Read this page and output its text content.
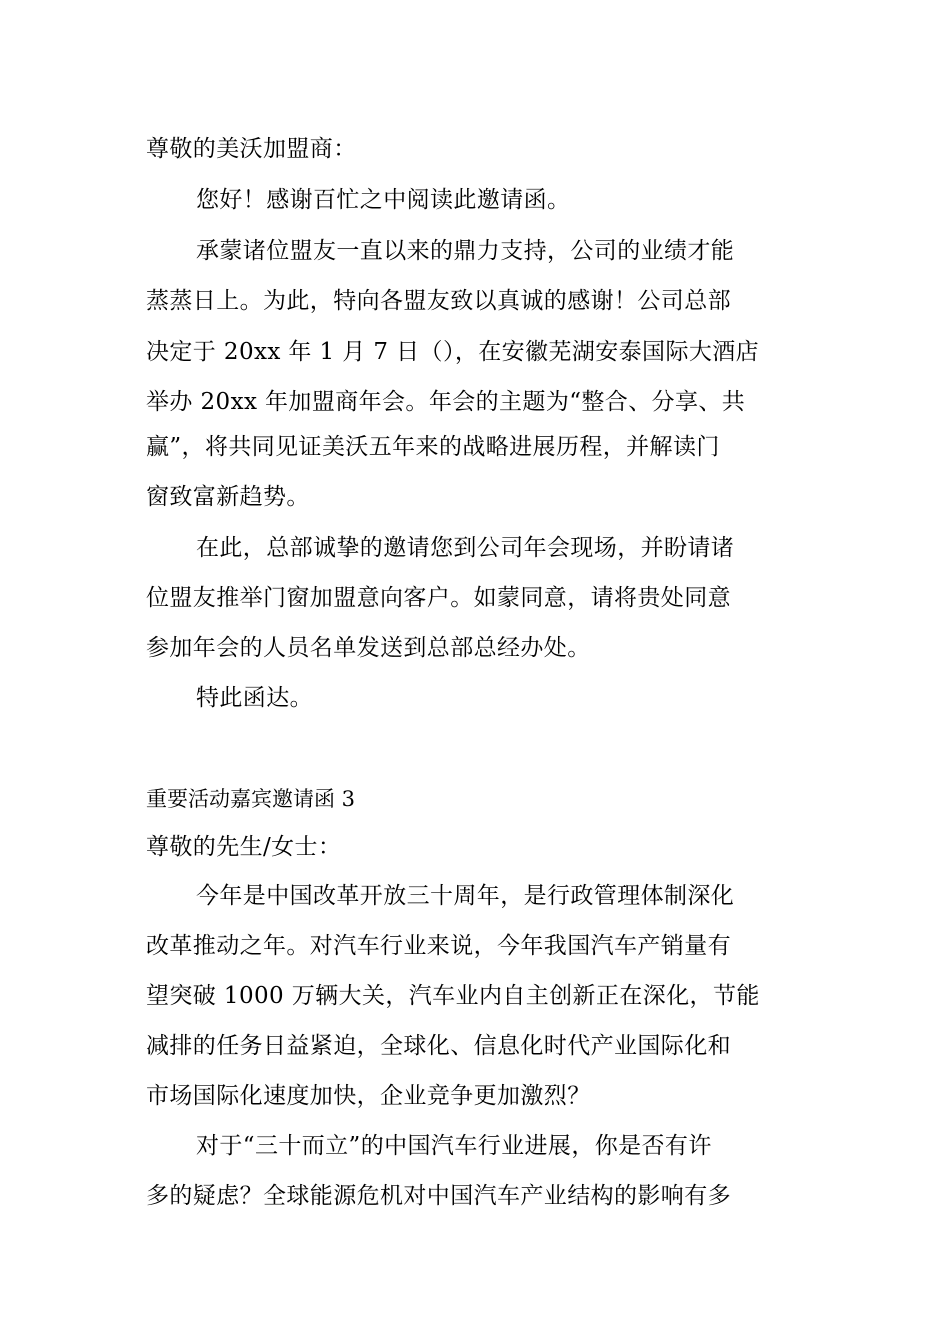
尊敬的美沃加盟商：
您好！感谢百忙之中阅读此邀请函。
承蒙诸位盟友一直以来的鼎力支持，公司的业绩才能
蒸蒸日上。为此，特向各盟友致以真诚的感谢！公司总部
决定于 20xx 年 1 月 7 日（），在安徽芜湖安泰国际大酒店
举办 20xx 年加盟商年会。年会的主题为“整合、分享、共
赢”，将共同见证美沃五年来的战略进展历程，并解读门
窗致富新趋势。
在此，总部诚挚的邀请您到公司年会现场，并盼请诸
位盟友推举门窗加盟意向客户。如蒙同意，请将贵处同意
参加年会的人员名单发送到总部总经办处。
特此函达。
重要活动嘉宾邀请函 3
尊敬的先生/女士：
今年是中国改革开放三十周年，是行政管理体制深化
改革推动之年。对汽车行业来说，今年我国汽车产销量有
望突破 1000 万辆大关，汽车业内自主创新正在深化，节能
减排的任务日益紧迫，全球化、信息化时代产业国际化和
市场国际化速度加快，企业竞争更加激烈？
对于“三十而立”的中国汽车行业进展，你是否有许
多的疑虑？全球能源危机对中国汽车产业结构的影响有多
